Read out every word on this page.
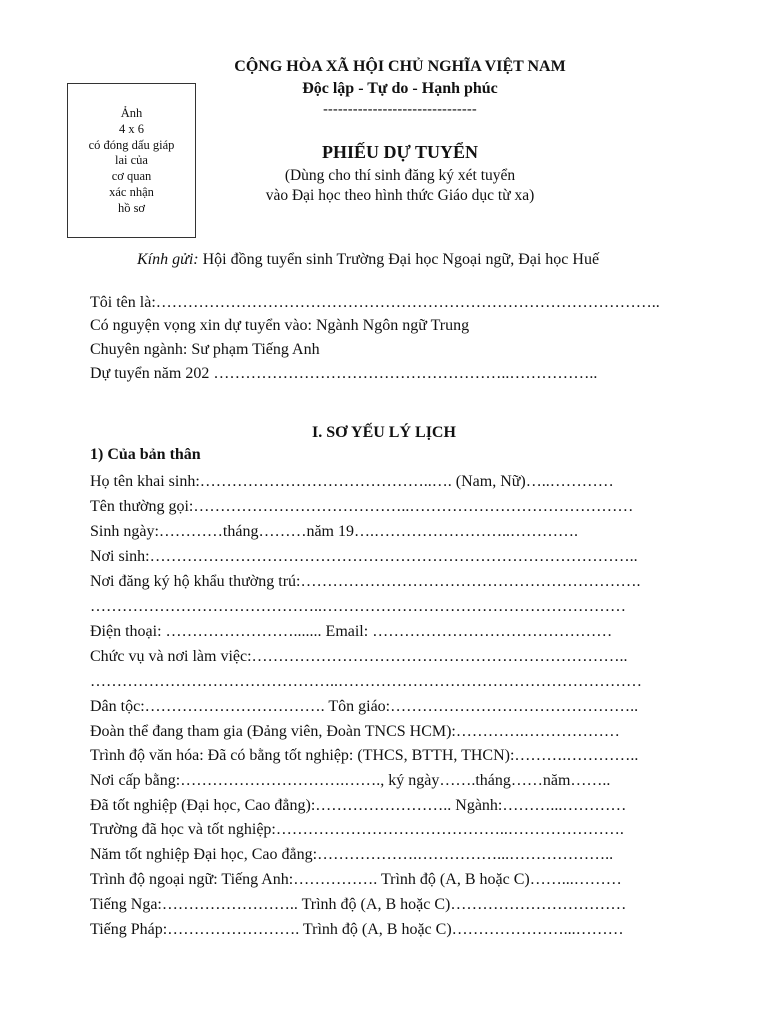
Ảnh
4 x 6
có đóng dấu giáp
lai của
cơ quan
xác nhận
hồ sơ
CỘNG HÒA XÃ HỘI CHỦ NGHĨA VIỆT NAM
Độc lập - Tự do - Hạnh phúc
-------------------------------
PHIẾU DỰ TUYỂN
(Dùng cho thí sinh đăng ký xét tuyển
vào Đại học theo hình thức Giáo dục từ xa)
Kính gửi: Hội đồng tuyển sinh Trường Đại học Ngoại ngữ, Đại học Huế
Tôi tên là:…………………………………………………………………………………..
Có nguyện vọng xin dự tuyển vào: Ngành Ngôn ngữ Trung
Chuyên ngành: Sư phạm Tiếng Anh
Dự tuyển năm 202 ………………………………………………..……………..
I. SƠ YẾU LÝ LỊCH
1) Của bản thân
Họ tên khai sinh:……………………………………..…. (Nam, Nữ)…..…………
Tên thường gọi:…………………………………..……………………………………
Sinh ngày:…………tháng………năm 19….……………………..………….
Nơi sinh:………………………………………………………………………………..
Nơi đăng ký hộ khẩu thường trú:……………………………………………………….
……………………………………..…………………………………………………
Điện thoại: ……………………....... Email: ………………………………………
Chức vụ và nơi làm việc:……………………………………………………………..
………………………………………..…………………………………………………
Dân tộc:……………………………. Tôn giáo:………………………………………..
Đoàn thể đang tham gia (Đảng viên, Đoàn TNCS HCM):………….………………
Trình độ văn hóa: Đã có bằng tốt nghiệp: (THCS, BTTH, THCN):……….…………..
Nơi cấp bằng:………………………….……., ký ngày…….tháng……năm……..
Đã tốt nghiệp (Đại học, Cao đẳng):…………………….. Ngành:………...…………
Trường đã học và tốt nghiệp:……………………………………..………………….
Năm tốt nghiệp Đại học, Cao đẳng:……………….……………...………………..
Trình độ ngoại ngữ: Tiếng Anh:……………. Trình độ (A, B hoặc C)……...………
Tiếng Nga:…………………….. Trình độ (A, B hoặc C)……………………………
Tiếng Pháp:……………………. Trình độ (A, B hoặc C)…………………...………
